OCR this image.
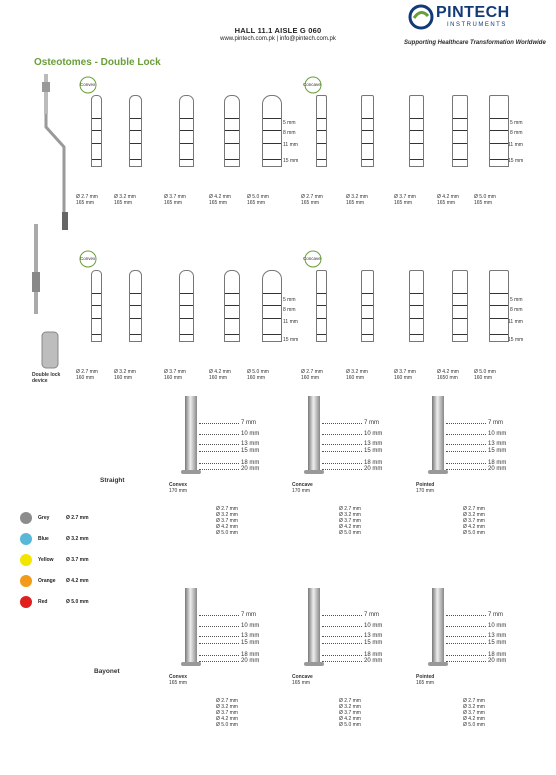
HALL 11.1 AISLE G 060
www.pintech.com.pk | info@pintech.com.pk
PINTECH
INSTRUMENTS
Supporting Healthcare Transformation Worldwide
Osteotomes - Double Lock
Convex	Concave
Convex	Concave
Ø 2.7 mm
165 mm
Ø 3.2 mm
165 mm
Ø 3.7 mm
165 mm
Ø 4.2 mm
165 mm
Ø 5.0 mm
165 mm
Ø 2.7 mm
165 mm
Ø 3.2 mm
165 mm
Ø 3.7 mm
165 mm
Ø 4.2 mm
165 mm
Ø 5.0 mm
165 mm
Ø 2.7 mm
160 mm
Ø 3.2 mm
160 mm
Ø 3.7 mm
160 mm
Ø 4.2 mm
160 mm
Ø 5.0 mm
160 mm
Ø 2.7 mm
160 mm
Ø 3.2 mm
160 mm
Ø 3.7 mm
160 mm
Ø 4.2 mm
1650 mm
Ø 5.0 mm
160 mm
5 mm
8 mm
11 mm
15 mm
5 mm
8 mm
11 mm
15 mm
5 mm
8 mm
11 mm
15 mm
5 mm
8 mm
11 mm
15 mm
Double lock
device
7 mm
10 mm
13 mm
15 mm
18 mm
20 mm
Convex
170 mm
Ø 2.7 mm
Ø 3.2 mm
Ø 3.7 mm
Ø 4.2 mm
Ø 5.0 mm
7 mm
10 mm
13 mm
15 mm
18 mm
20 mm
Concave
170 mm
Ø 2.7 mm
Ø 3.2 mm
Ø 3.7 mm
Ø 4.2 mm
Ø 5.0 mm
7 mm
10 mm
13 mm
15 mm
18 mm
20 mm
Pointed
170 mm
Ø 2.7 mm
Ø 3.2 mm
Ø 3.7 mm
Ø 4.2 mm
Ø 5.0 mm
7 mm
10 mm
13 mm
15 mm
18 mm
20 mm
Convex
165 mm
Ø 2.7 mm
Ø 3.2 mm
Ø 3.7 mm
Ø 4.2 mm
Ø 5.0 mm
7 mm
10 mm
13 mm
15 mm
18 mm
20 mm
Concave
165 mm
Ø 2.7 mm
Ø 3.2 mm
Ø 3.7 mm
Ø 4.2 mm
Ø 5.0 mm
7 mm
10 mm
13 mm
15 mm
18 mm
20 mm
Pointed
165 mm
Ø 2.7 mm
Ø 3.2 mm
Ø 3.7 mm
Ø 4.2 mm
Ø 5.0 mm
Straight
Bayonet
Grey	Ø 2.7 mm
Blue	Ø 3.2 mm
Yellow Ø 3.7 mm
Orange Ø 4.2 mm
Red	Ø 5.0 mm
